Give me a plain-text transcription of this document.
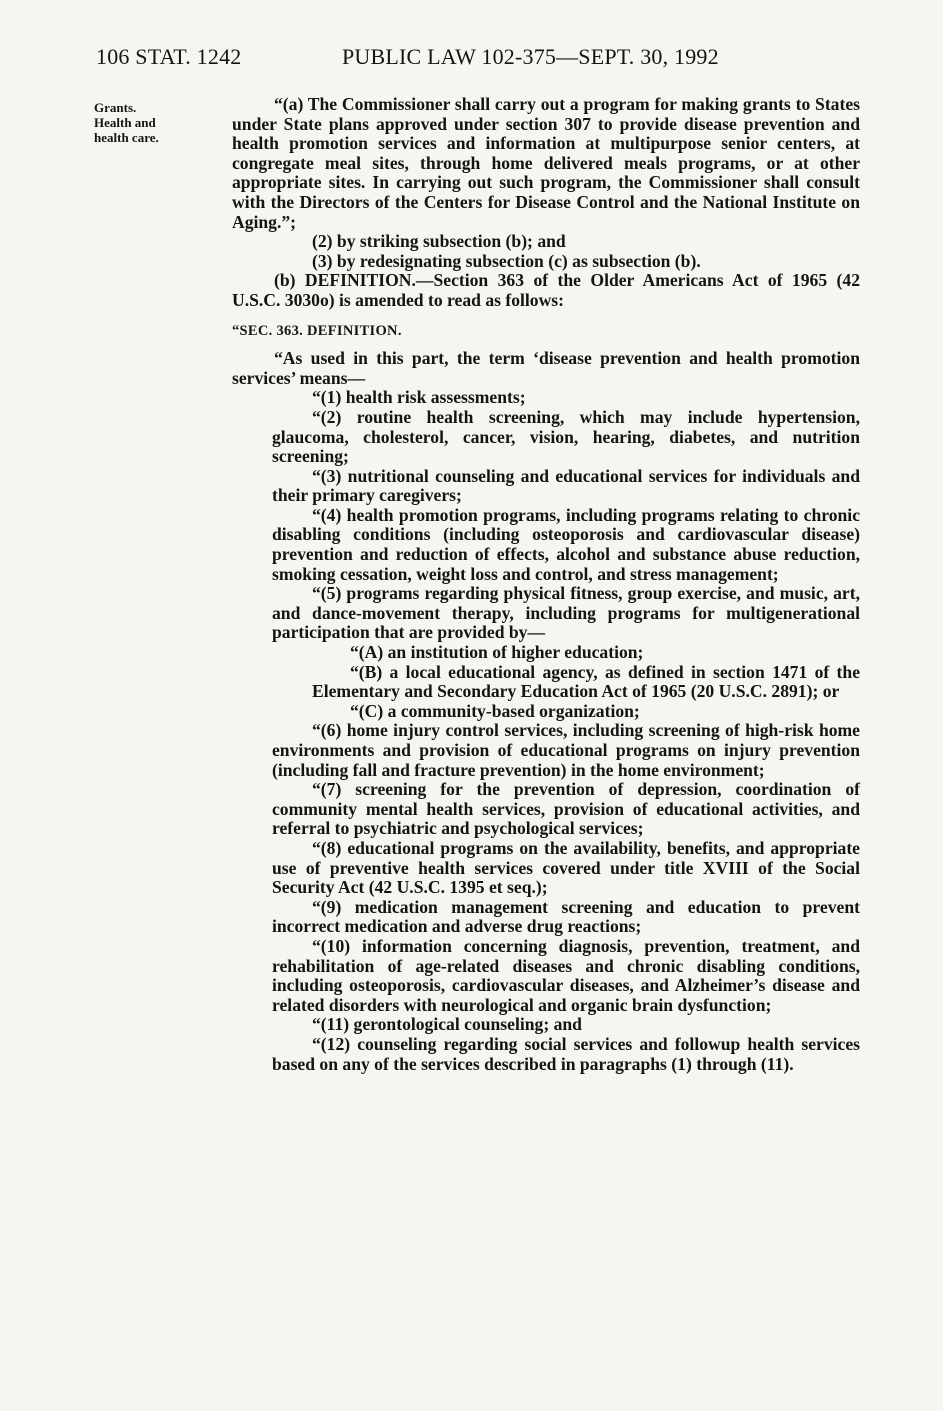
106 STAT. 1242	PUBLIC LAW 102-375—SEPT. 30, 1992
Grants.
Health and
health care.

“(a) The Commissioner shall carry out a program for making grants to States under State plans approved under section 307 to provide disease prevention and health promotion services and information at multipurpose senior centers, at congregate meal sites, through home delivered meals programs, or at other appropriate sites. In carrying out such program, the Commissioner shall consult with the Directors of the Centers for Disease Control and the National Institute on Aging.”;

(2) by striking subsection (b); and

(3) by redesignating subsection (c) as subsection (b).

(b) DEFINITION.—Section 363 of the Older Americans Act of 1965 (42 U.S.C. 3030o) is amended to read as follows:

“SEC. 363. DEFINITION.

“As used in this part, the term ‘disease prevention and health promotion services’ means—

“(1) health risk assessments;

“(2) routine health screening, which may include hypertension, glaucoma, cholesterol, cancer, vision, hearing, diabetes, and nutrition screening;

“(3) nutritional counseling and educational services for individuals and their primary caregivers;

“(4) health promotion programs, including programs relating to chronic disabling conditions (including osteoporosis and cardiovascular disease) prevention and reduction of effects, alcohol and substance abuse reduction, smoking cessation, weight loss and control, and stress management;

“(5) programs regarding physical fitness, group exercise, and music, art, and dance-movement therapy, including programs for multigenerational participation that are provided by—

“(A) an institution of higher education;

“(B) a local educational agency, as defined in section 1471 of the Elementary and Secondary Education Act of 1965 (20 U.S.C. 2891); or

“(C) a community-based organization;

“(6) home injury control services, including screening of high-risk home environments and provision of educational programs on injury prevention (including fall and fracture prevention) in the home environment;

“(7) screening for the prevention of depression, coordination of community mental health services, provision of educational activities, and referral to psychiatric and psychological services;

“(8) educational programs on the availability, benefits, and appropriate use of preventive health services covered under title XVIII of the Social Security Act (42 U.S.C. 1395 et seq.);

“(9) medication management screening and education to prevent incorrect medication and adverse drug reactions;

“(10) information concerning diagnosis, prevention, treatment, and rehabilitation of age-related diseases and chronic disabling conditions, including osteoporosis, cardiovascular diseases, and Alzheimer’s disease and related disorders with neurological and organic brain dysfunction;

“(11) gerontological counseling; and

“(12) counseling regarding social services and followup health services based on any of the services described in paragraphs (1) through (11).
